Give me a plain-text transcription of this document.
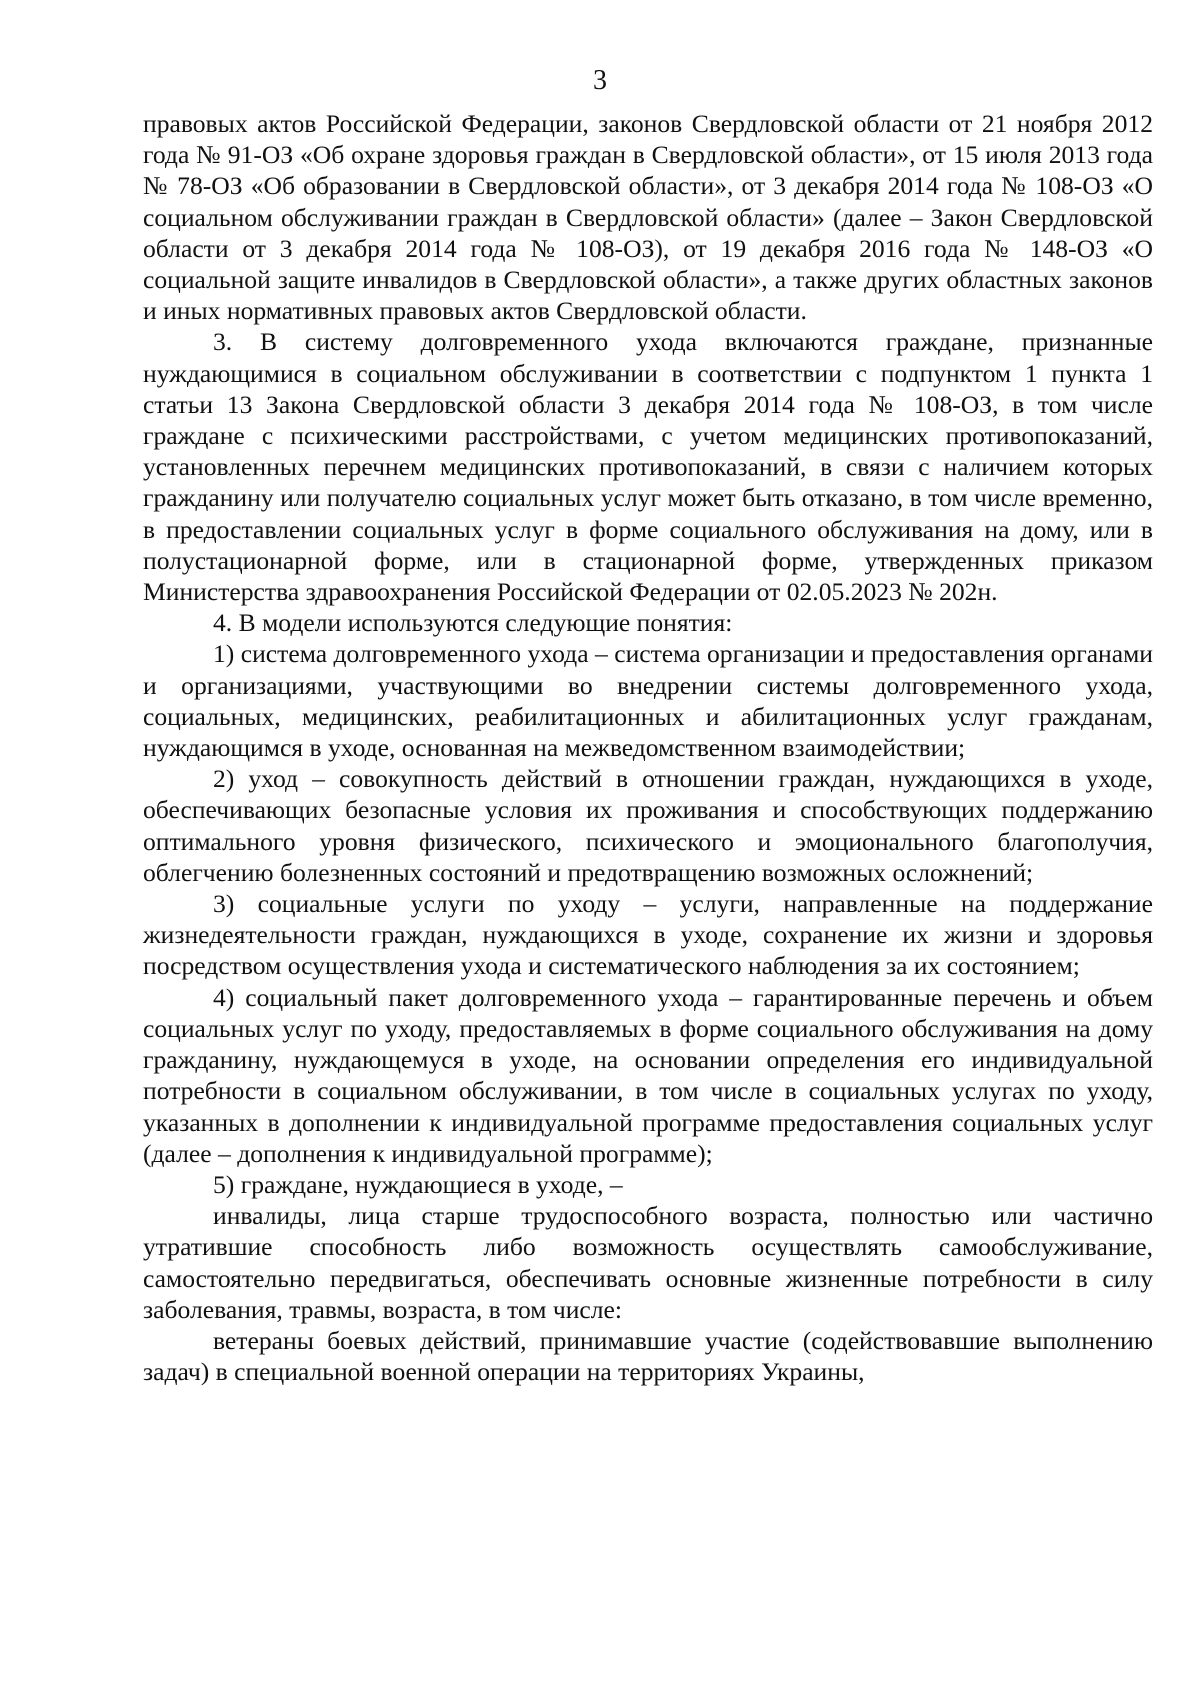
3

правовых актов Российской Федерации, законов Свердловской области от 21 ноября 2012 года № 91-ОЗ «Об охране здоровья граждан в Свердловской области», от 15 июля 2013 года № 78-ОЗ «Об образовании в Свердловской области», от 3 декабря 2014 года № 108-ОЗ «О социальном обслуживании граждан в Свердловской области» (далее – Закон Свердловской области от 3 декабря 2014 года № 108-ОЗ), от 19 декабря 2016 года № 148-ОЗ «О социальной защите инвалидов в Свердловской области», а также других областных законов и иных нормативных правовых актов Свердловской области.

3. В систему долговременного ухода включаются граждане, признанные нуждающимися в социальном обслуживании в соответствии с подпунктом 1 пункта 1 статьи 13 Закона Свердловской области 3 декабря 2014 года № 108-ОЗ, в том числе граждане с психическими расстройствами, с учетом медицинских противопоказаний, установленных перечнем медицинских противопоказаний, в связи с наличием которых гражданину или получателю социальных услуг может быть отказано, в том числе временно, в предоставлении социальных услуг в форме социального обслуживания на дому, или в полустационарной форме, или в стационарной форме, утвержденных приказом Министерства здравоохранения Российской Федерации от 02.05.2023 № 202н.

4. В модели используются следующие понятия:

1) система долговременного ухода – система организации и предоставления органами и организациями, участвующими во внедрении системы долговременного ухода, социальных, медицинских, реабилитационных и абилитационных услуг гражданам, нуждающимся в уходе, основанная на межведомственном взаимодействии;

2) уход – совокупность действий в отношении граждан, нуждающихся в уходе, обеспечивающих безопасные условия их проживания и способствующих поддержанию оптимального уровня физического, психического и эмоционального благополучия, облегчению болезненных состояний и предотвращению возможных осложнений;

3) социальные услуги по уходу – услуги, направленные на поддержание жизнедеятельности граждан, нуждающихся в уходе, сохранение их жизни и здоровья посредством осуществления ухода и систематического наблюдения за их состоянием;

4) социальный пакет долговременного ухода – гарантированные перечень и объем социальных услуг по уходу, предоставляемых в форме социального обслуживания на дому гражданину, нуждающемуся в уходе, на основании определения его индивидуальной потребности в социальном обслуживании, в том числе в социальных услугах по уходу, указанных в дополнении к индивидуальной программе предоставления социальных услуг (далее – дополнения к индивидуальной программе);

5) граждане, нуждающиеся в уходе, –

инвалиды, лица старше трудоспособного возраста, полностью или частично утратившие способность либо возможность осуществлять самообслуживание, самостоятельно передвигаться, обеспечивать основные жизненные потребности в силу заболевания, травмы, возраста, в том числе:

ветераны боевых действий, принимавшие участие (содействовавшие выполнению задач) в специальной военной операции на территориях Украины,
